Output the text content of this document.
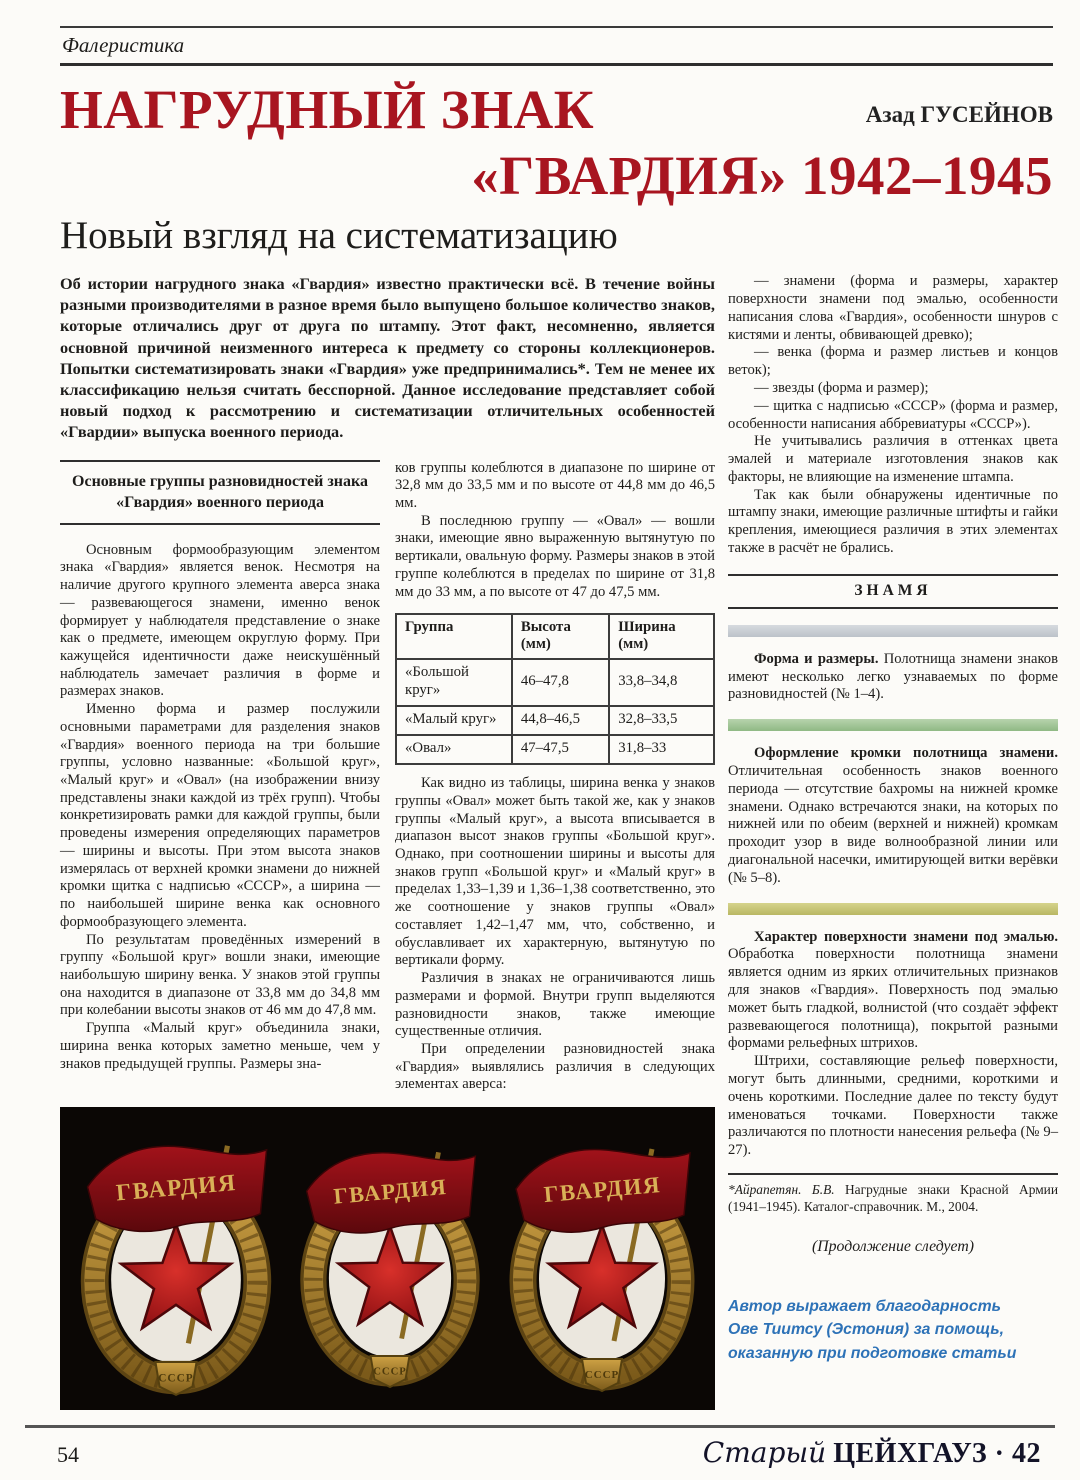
Фалеристика
НАГРУДНЫЙ ЗНАК	Азад ГУСЕЙНОВ
«ГВАРДИЯ» 1942–1945
Новый взгляд на систематизацию
Об истории нагрудного знака «Гвардия» известно практически всё. В течение войны разными производителями в разное время было выпущено большое количество знаков, которые отличались друг от друга по штампу. Этот факт, несомненно, является основной причиной неизменного интереса к предмету со стороны коллекционеров. Попытки систематизировать знаки «Гвардия» уже предпринимались*. Тем не менее их классификацию нельзя считать бесспорной. Данное исследование представляет собой новый подход к рассмотрению и систематизации отличительных особенностей «Гвардии» выпуска военного периода.
Основные группы разновидностей знака «Гвардия» военного периода

Основным формообразующим элементом знака «Гвардия» является венок. Несмотря на наличие другого крупного элемента аверса знака — развевающегося знамени, именно венок формирует у наблюдателя представление о знаке как о предмете, имеющем округлую форму. При кажущейся идентичности даже неискушённый наблюдатель замечает различия в форме и размерах знаков.

Именно форма и размер послужили основными параметрами для разделения знаков «Гвардия» военного периода на три большие группы, условно названные: «Большой круг», «Малый круг» и «Овал» (на изображении внизу представлены знаки каждой из трёх групп). Чтобы конкретизировать рамки для каждой группы, были проведены измерения определяющих параметров — ширины и высоты. При этом высота знаков измерялась от верхней кромки знамени до нижней кромки щитка с надписью «СССР», а ширина — по наибольшей ширине венка как основного формообразующего элемента.

По результатам проведённых измерений в группу «Большой круг» вошли знаки, имеющие наибольшую ширину венка. У знаков этой группы она находится в диапазоне от 33,8 мм до 34,8 мм при колебании высоты знаков от 46 мм до 47,8 мм.

Группа «Малый круг» объединила знаки, ширина венка которых заметно меньше, чем у знаков предыдущей группы. Размеры зна-

ков группы колеблются в диапазоне по ширине от 32,8 мм до 33,5 мм и по высоте от 44,8 мм до 46,5 мм.

В последнюю группу — «Овал» — вошли знаки, имеющие явно выраженную вытянутую по вертикали, овальную форму. Размеры знаков в этой группе колеблются в пределах по ширине от 31,8 мм до 33 мм, а по высоте от 47 до 47,5 мм.

Группа	Высота (мм)	Ширина (мм)
«Большой круг»	46–47,8	33,8–34,8
«Малый круг»	44,8–46,5	32,8–33,5
«Овал»	47–47,5	31,8–33

Как видно из таблицы, ширина венка у знаков группы «Овал» может быть такой же, как у знаков группы «Малый круг», а высота вписывается в диапазон высот знаков группы «Большой круг». Однако, при соотношении ширины и высоты для знаков групп «Большой круг» и «Малый круг» в пределах 1,33–1,39 и 1,36–1,38 соответственно, это же соотношение у знаков группы «Овал» составляет 1,42–1,47 мм, что, собственно, и обуславливает их характерную, вытянутую по вертикали форму.

Различия в знаках не ограничиваются лишь размерами и формой. Внутри групп выделяются разновидности знаков, также имеющие существенные отличия.

При определении разновидностей знака «Гвардия» выявлялись различия в следующих элементах аверса:

— знамени (форма и размеры, характер поверхности знамени под эмалью, особенности написания слова «Гвардия», особенности шнуров с кистями и ленты, обвивающей древко);

— венка (форма и размер листьев и концов веток);

— звезды (форма и размер);

— щитка с надписью «СССР» (форма и размер, особенности написания аббревиатуры «СССР»).

Не учитывались различия в оттенках цвета эмалей и материале изготовления знаков как факторы, не влияющие на изменение штампа.

Так как были обнаружены идентичные по штампу знаки, имеющие различные штифты и гайки крепления, имеющиеся различия в этих элементах также в расчёт не брались.

ЗНАМЯ

Форма и размеры. Полотнища знамени знаков имеют несколько легко узнаваемых по форме разновидностей (№ 1–4).

Оформление кромки полотнища знамени. Отличительная особенность знаков военного периода — отсутствие бахромы на нижней кромке знамени. Однако встречаются знаки, на которых по нижней или по обеим (верхней и нижней) кромкам проходит узор в виде волнообразной линии или диагональной насечки, имитирующей витки верёвки (№ 5–8).

Характер поверхности знамени под эмалью. Обработка поверхности полотнища знамени является одним из ярких отличительных признаков для знаков «Гвардия». Поверхность под эмалью может быть гладкой, волнистой (что создаёт эффект развевающегося полотнища), покрытой разными формами рельефных штрихов.

Штрихи, составляющие рельеф поверхности, могут быть длинными, средними, короткими и очень короткими. Последние далее по тексту будут именоваться точками. Поверхности также различаются по плотности нанесения рельефа (№ 9–27).

*Айрапетян. Б.В. Нагрудные знаки Красной Армии (1941–1945). Каталог-справочник. М., 2004.
(Продолжение следует)
Автор выражает благодарность
Ове Тиитсу (Эстония) за помощь,
оказанную при подготовке статьи
54	Старый ЦЕЙХГАУЗ · 42
